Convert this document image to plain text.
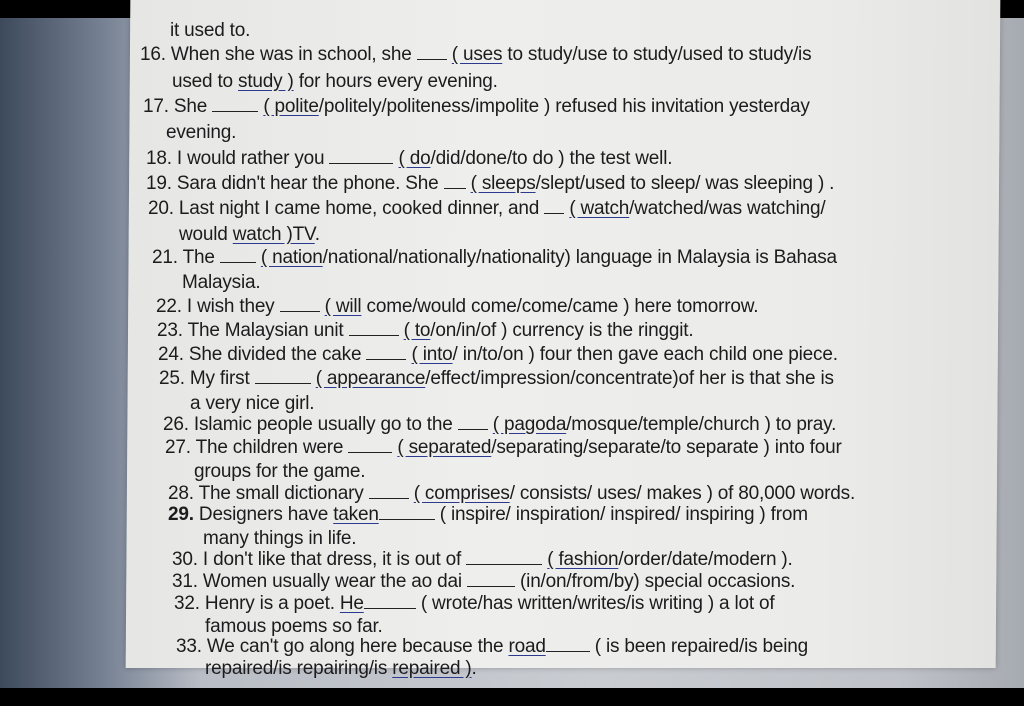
it used to.
16. When she was in school, she  ( uses to study/use to study/used to study/is
used to study ) for hours every evening.
17. She	( polite/politely/politeness/impolite ) refused his invitation yesterday
evening.
18. I would rather you	( do/did/done/to do ) the test well.
19. Sara didn't hear the phone. She  ( sleeps/slept/used to sleep/ was sleeping ) .
20. Last night I came home, cooked dinner, and  ( watch/watched/was watching/
would watch )TV.
21. The  ( nation/national/nationally/nationality) language in Malaysia is Bahasa
Malaysia.
22. I wish they  ( will come/would come/come/came ) here tomorrow.
23. The Malaysian unit	( to/on/in/of ) currency is the ringgit.
24. She divided the cake  ( into/ in/to/on ) four then gave each child one piece.
25. My first	( appearance/effect/impression/concentrate)of her is that she is
a very nice girl.
26. Islamic people usually go to the  ( pagoda/mosque/temple/church ) to pray.
27. The children were	( separated/separating/separate/to separate ) into four
groups for the game.
28. The small dictionary  ( comprises/ consists/ uses/ makes ) of 80,000 words.
29. Designers have taken	( inspire/ inspiration/ inspired/ inspiring ) from
many things in life.
30. I don't like that dress, it is out of	( fashion/order/date/modern ).
31. Women usually wear the ao dai	(in/on/from/by) special occasions.
32. Henry is a poet. He	( wrote/has written/writes/is writing ) a lot of
famous poems so far.
33. We can't go along here because the road ( is been repaired/is being
repaired/is repairing/is repaired ).
